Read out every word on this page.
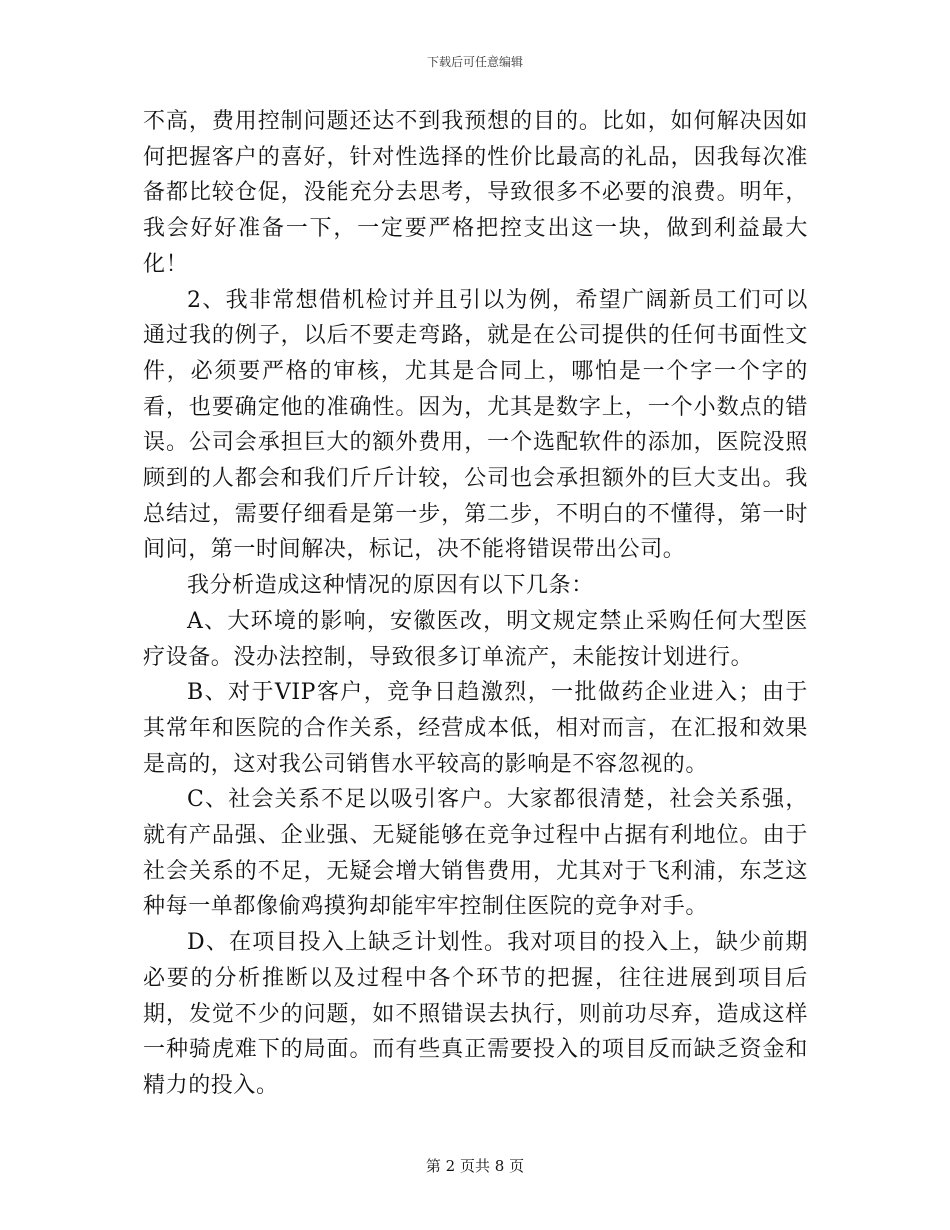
下载后可任意编辑

不高，费用控制问题还达不到我预想的目的。比如，如何解决因如何把握客户的喜好，针对性选择的性价比最高的礼品，因我每次准备都比较仓促，没能充分去思考，导致很多不必要的浪费。明年，我会好好准备一下，一定要严格把控支出这一块，做到利益最大化！

2、我非常想借机检讨并且引以为例，希望广阔新员工们可以通过我的例子，以后不要走弯路，就是在公司提供的任何书面性文件，必须要严格的审核，尤其是合同上，哪怕是一个字一个字的看，也要确定他的准确性。因为，尤其是数字上，一个小数点的错误。公司会承担巨大的额外费用，一个选配软件的添加，医院没照顾到的人都会和我们斤斤计较，公司也会承担额外的巨大支出。我总结过，需要仔细看是第一步，第二步，不明白的不懂得，第一时间问，第一时间解决，标记，决不能将错误带出公司。

我分析造成这种情况的原因有以下几条：

A、大环境的影响，安徽医改，明文规定禁止采购任何大型医疗设备。没办法控制，导致很多订单流产，未能按计划进行。

B、对于VIP客户，竞争日趋激烈，一批做药企业进入；由于其常年和医院的合作关系，经营成本低，相对而言，在汇报和效果是高的，这对我公司销售水平较高的影响是不容忽视的。

C、社会关系不足以吸引客户。大家都很清楚，社会关系强，就有产品强、企业强、无疑能够在竞争过程中占据有利地位。由于社会关系的不足，无疑会增大销售费用，尤其对于飞利浦，东芝这种每一单都像偷鸡摸狗却能牢牢控制住医院的竞争对手。

D、在项目投入上缺乏计划性。我对项目的投入上，缺少前期必要的分析推断以及过程中各个环节的把握，往往进展到项目后期，发觉不少的问题，如不照错误去执行，则前功尽弃，造成这样一种骑虎难下的局面。而有些真正需要投入的项目反而缺乏资金和精力的投入。

第 2 页共 8 页
